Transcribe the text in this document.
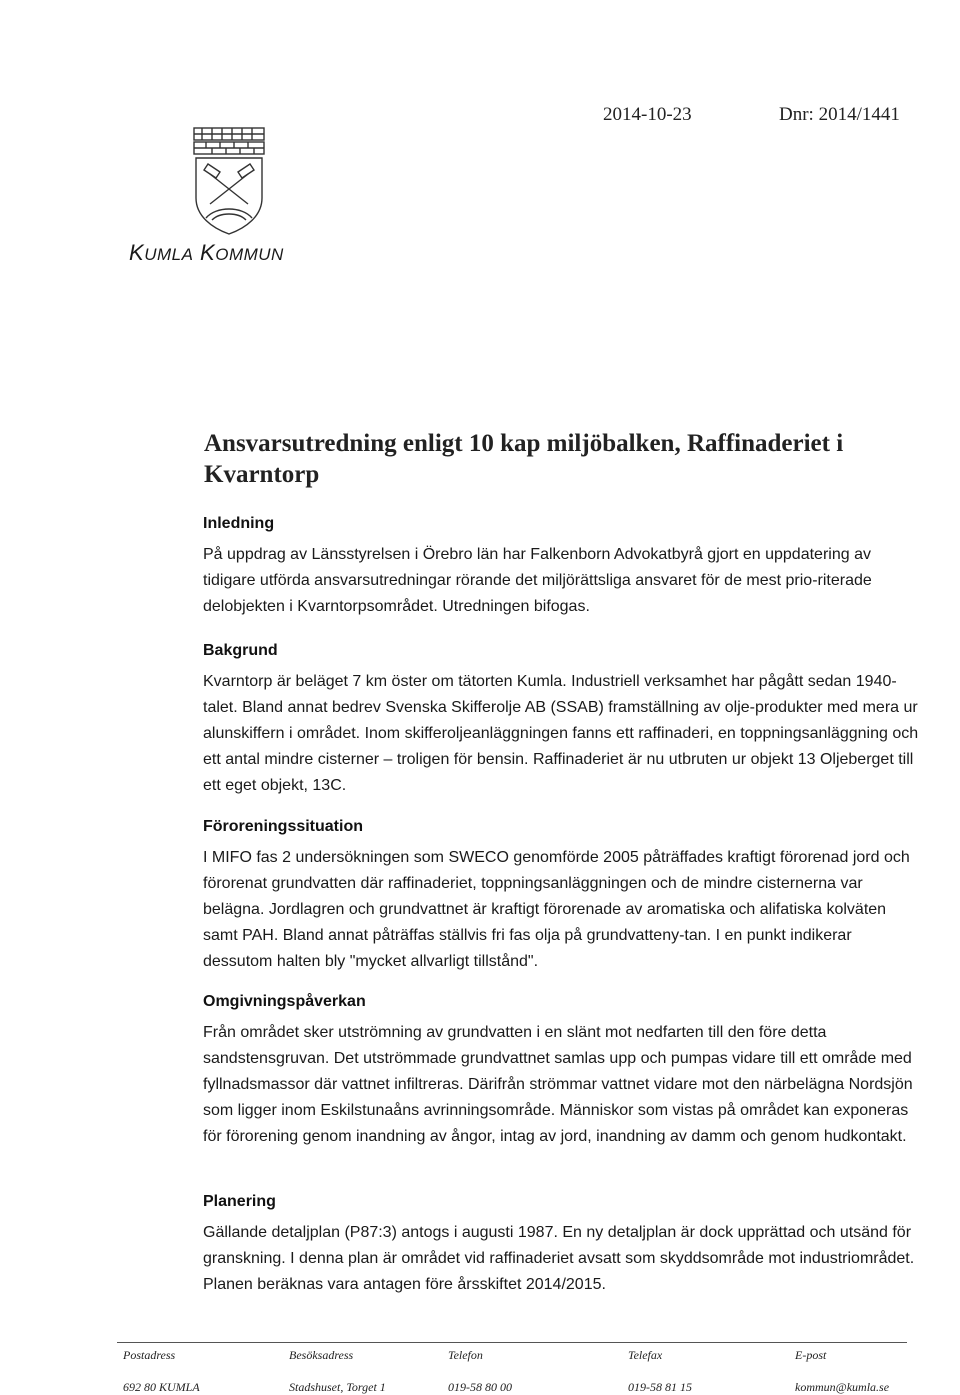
2014-10-23	Dnr: 2014/1441
KUMLA KOMMUN
Ansvarsutredning enligt 10 kap miljöbalken, Raffinaderiet i Kvarntorp
Inledning

På uppdrag av Länsstyrelsen i Örebro län har Falkenborn Advokatbyrå gjort en uppdatering av tidigare utförda ansvarsutredningar rörande det miljörättsliga ansvaret för de mest prio-riterade delobjekten i Kvarntorpsområdet. Utredningen bifogas.

Bakgrund

Kvarntorp är beläget 7 km öster om tätorten Kumla. Industriell verksamhet har pågått sedan 1940-talet. Bland annat bedrev Svenska Skifferolje AB (SSAB) framställning av olje-produkter med mera ur alunskiffern i området. Inom skifferoljeanläggningen fanns ett raffinaderi, en toppningsanläggning och ett antal mindre cisterner – troligen för bensin. Raffinaderiet är nu utbruten ur objekt 13 Oljeberget till ett eget objekt, 13C.

Föroreningssituation

I MIFO fas 2 undersökningen som SWECO genomförde 2005 påträffades kraftigt förorenad jord och förorenat grundvatten där raffinaderiet, toppningsanläggningen och de mindre cisternerna var belägna. Jordlagren och grundvattnet är kraftigt förorenade av aromatiska och alifatiska kolväten samt PAH. Bland annat påträffas ställvis fri fas olja på grundvatteny-tan. I en punkt indikerar dessutom halten bly "mycket allvarligt tillstånd".

Omgivningspåverkan

Från området sker utströmning av grundvatten i en slänt mot nedfarten till den före detta sandstensgruvan. Det utströmmade grundvattnet samlas upp och pumpas vidare till ett område med fyllnadsmassor där vattnet infiltreras. Därifrån strömmar vattnet vidare mot den närbelägna Nordsjön som ligger inom Eskilstunaåns avrinningsområde. Människor som vistas på området kan exponeras för förorening genom inandning av ångor, intag av jord, inandning av damm och genom hudkontakt.

Planering

Gällande detaljplan (P87:3) antogs i augusti 1987. En ny detaljplan är dock upprättad och utsänd för granskning. I denna plan är området vid raffinaderiet avsatt som skyddsområde mot industriområdet. Planen beräknas vara antagen före årsskiftet 2014/2015.

Postadress
692 80 KUMLA
Besöksadress
Stadshuset, Torget 1
Telefon
019-58 80 00
Telefax
019-58 81 15
E-post
kommun@kumla.se
